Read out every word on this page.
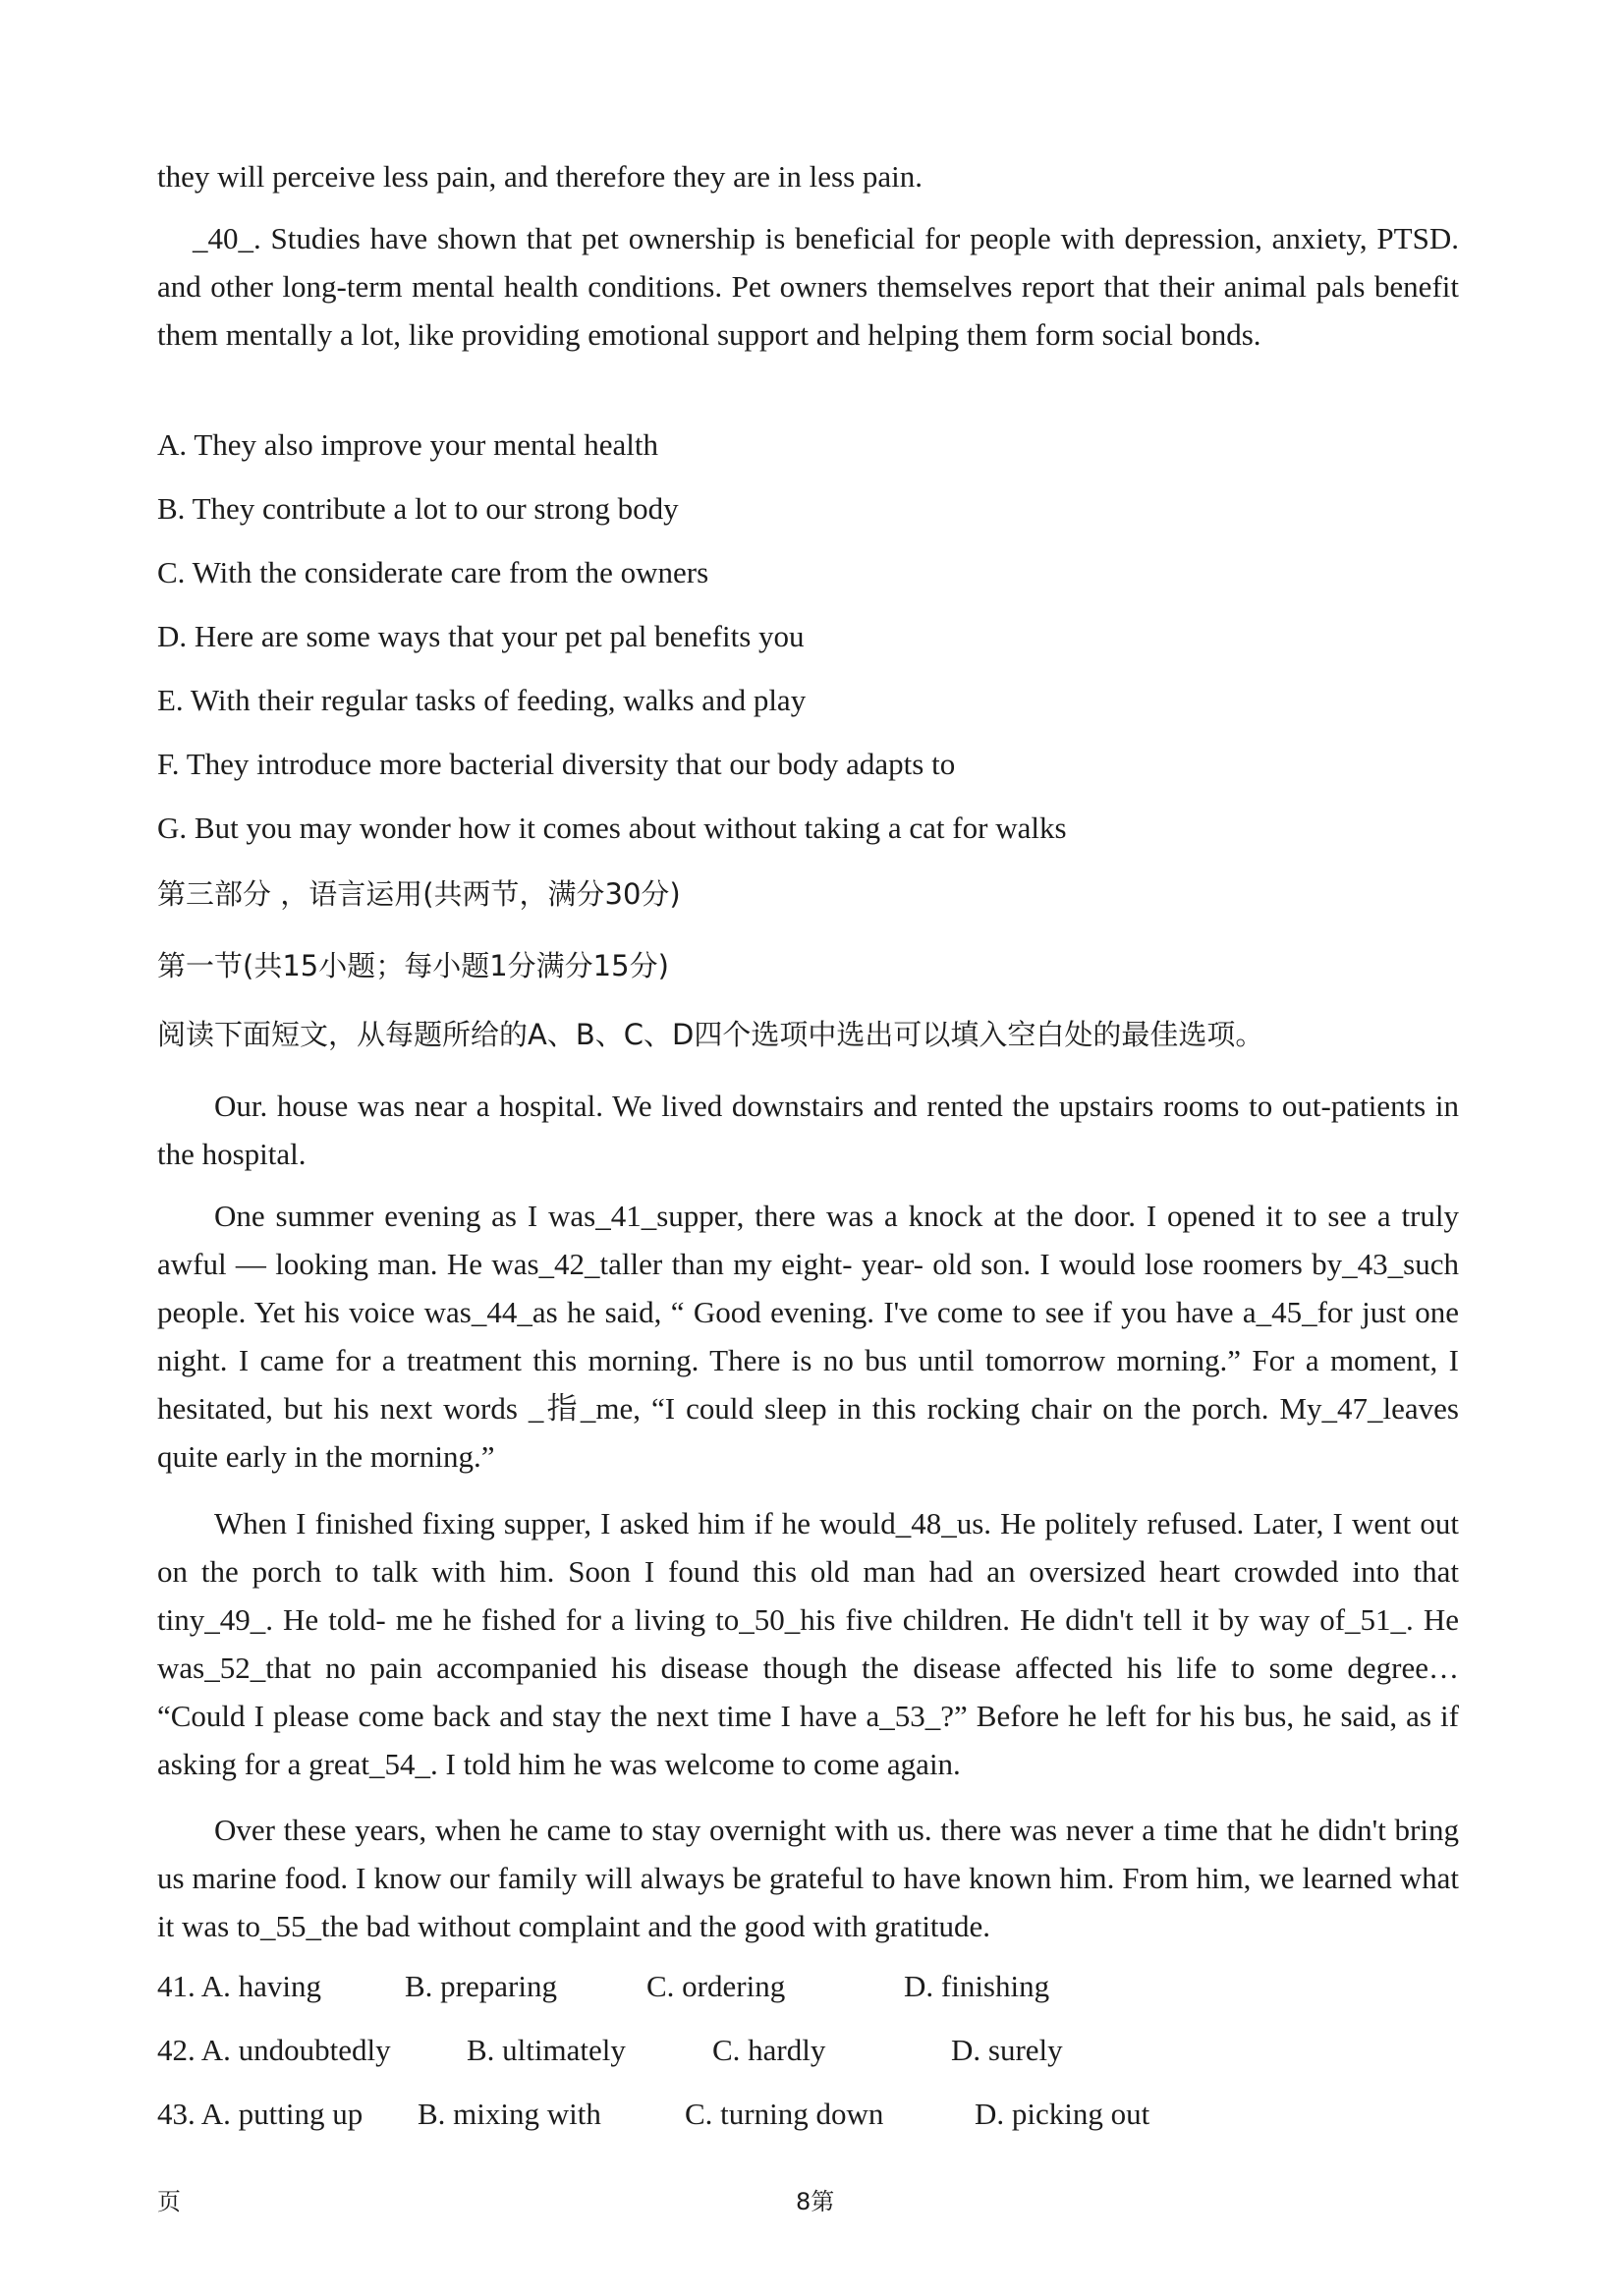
they will perceive less pain, and therefore they are in less pain.

_40_. Studies have shown that pet ownership is beneficial for people with depression, anxiety, PTSD. and other long-term mental health conditions. Pet owners themselves report that their animal pals benefit them mentally a lot, like providing emotional support and helping them form social bonds.

A. They also improve your mental health

B. They contribute a lot to our strong body

C. With the considerate care from the owners

D. Here are some ways that your pet pal benefits you

E. With their regular tasks of feeding, walks and play

F. They introduce more bacterial diversity that our body adapts to

G. But you may wonder how it comes about without taking a cat for walks

第三部分 ，语言运用(共两节，满分30分)

第一节(共15小题；每小题1分满分15分)

阅读下面短文，从每题所给的A、B、C、D四个选项中选出可以填入空白处的最佳选项。

Our. house was near a hospital. We lived downstairs and rented the upstairs rooms to out-patients in the hospital.

One summer evening as I was_41_supper, there was a knock at the door. I opened it to see a truly awful — looking man. He was_42_taller than my eight- year- old son. I would lose roomers by_43_such people. Yet his voice was_44_as he said, “ Good evening. I've come to see if you have a_45_for just one night. I came for a treatment this morning. There is no bus until tomorrow morning.” For a moment, I hesitated, but his next words _指_me, “I could sleep in this rocking chair on the porch. My_47_leaves quite early in the morning.”

When I finished fixing supper, I asked him if he would_48_us. He politely refused. Later, I went out on the porch to talk with him. Soon I found this old man had an oversized heart crowded into that tiny_49_. He told- me he fished for a living to_50_his five children. He didn't tell it by way of_51_. He was_52_that no pain accompanied his disease though the disease affected his life to some degree… “Could I please come back and stay the next time I have a_53_?” Before he left for his bus, he said, as if asking for a great_54_. I told him he was welcome to come again.

Over these years, when he came to stay overnight with us. there was never a time that he didn't bring us marine food. I know our family will always be grateful to have known him. From him, we learned what it was to_55_the bad without complaint and the good with gratitude.

41. A. having	B. preparing	C. ordering	D. finishing
42. A. undoubtedly B. ultimately	C. hardly	D. surely
43. A. putting up B. mixing with	C. turning down	D. picking out
页	8第
